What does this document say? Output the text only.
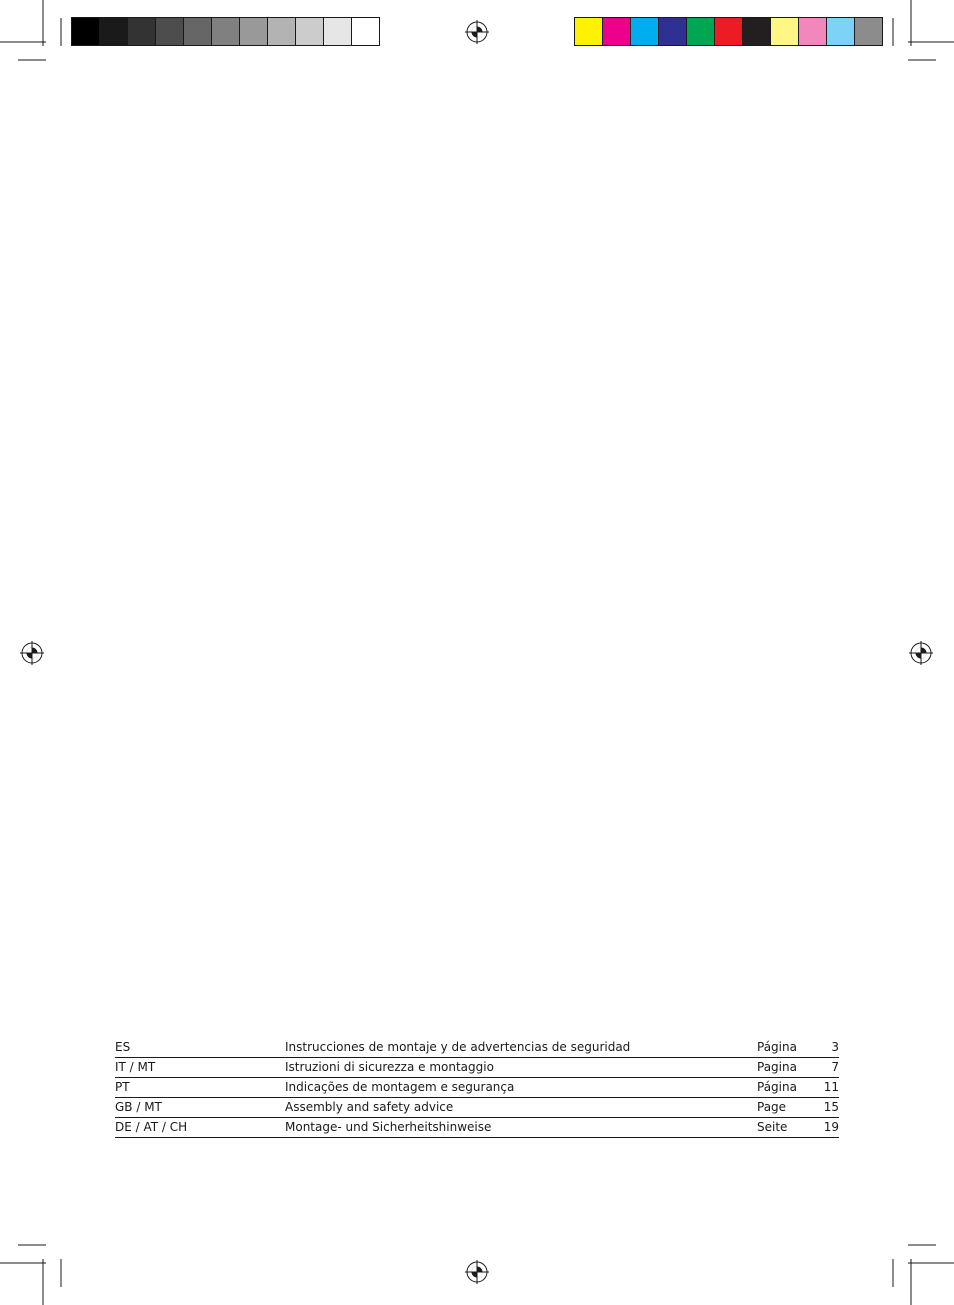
ES	Instrucciones de montaje y de advertencias de seguridad	Página	3
IT / MT	Istruzioni di sicurezza e montaggio	Pagina	7
PT	Indicações de montagem e segurança	Página	11
GB / MT	Assembly and safety advice	Page	15
DE / AT / CH	Montage- und Sicherheitshinweise	Seite	19
